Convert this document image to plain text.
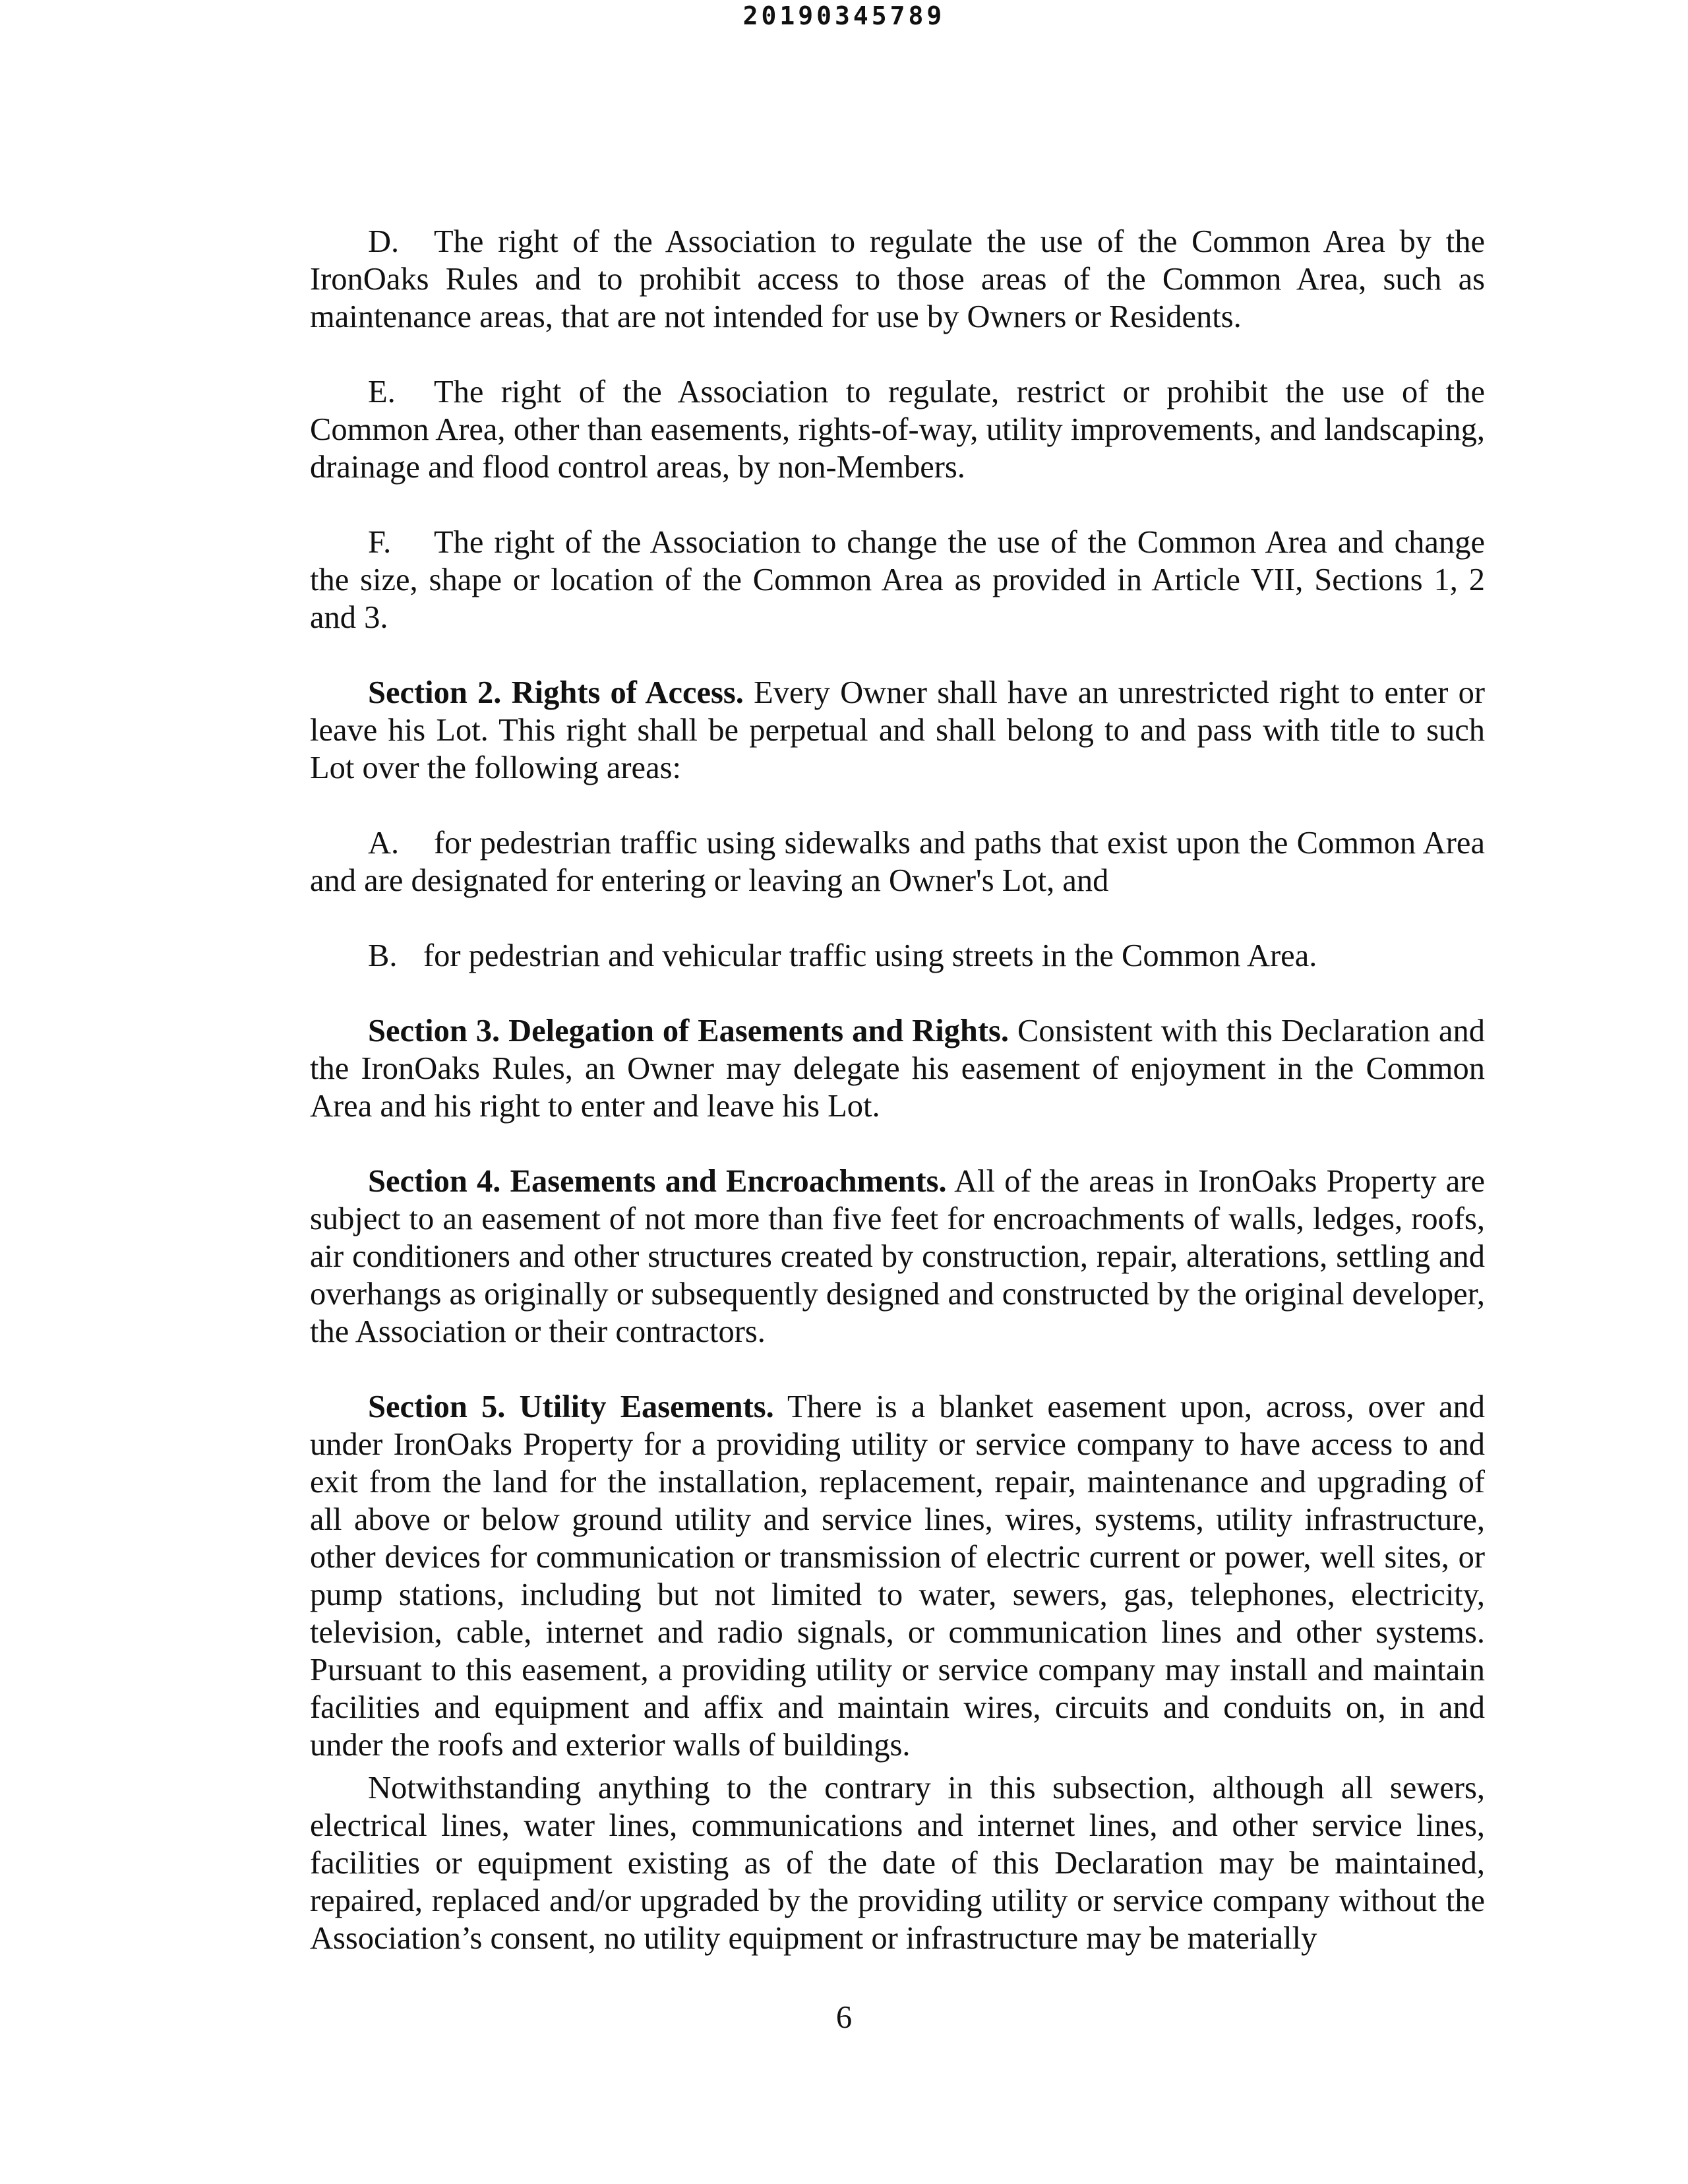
20190345789

D. The right of the Association to regulate the use of the Common Area by the IronOaks Rules and to prohibit access to those areas of the Common Area, such as maintenance areas, that are not intended for use by Owners or Residents.

E. The right of the Association to regulate, restrict or prohibit the use of the Common Area, other than easements, rights-of-way, utility improvements, and landscaping, drainage and flood control areas, by non-Members.

F. The right of the Association to change the use of the Common Area and change the size, shape or location of the Common Area as provided in Article VII, Sections 1, 2 and 3.

Section 2. Rights of Access. Every Owner shall have an unrestricted right to enter or leave his Lot. This right shall be perpetual and shall belong to and pass with title to such Lot over the following areas:

A. for pedestrian traffic using sidewalks and paths that exist upon the Common Area and are designated for entering or leaving an Owner's Lot, and

B. for pedestrian and vehicular traffic using streets in the Common Area.

Section 3. Delegation of Easements and Rights. Consistent with this Declaration and the IronOaks Rules, an Owner may delegate his easement of enjoyment in the Common Area and his right to enter and leave his Lot.

Section 4. Easements and Encroachments. All of the areas in IronOaks Property are subject to an easement of not more than five feet for encroachments of walls, ledges, roofs, air conditioners and other structures created by construction, repair, alterations, settling and overhangs as originally or subsequently designed and constructed by the original developer, the Association or their contractors.

Section 5. Utility Easements. There is a blanket easement upon, across, over and under IronOaks Property for a providing utility or service company to have access to and exit from the land for the installation, replacement, repair, maintenance and upgrading of all above or below ground utility and service lines, wires, systems, utility infrastructure, other devices for communication or transmission of electric current or power, well sites, or pump stations, including but not limited to water, sewers, gas, telephones, electricity, television, cable, internet and radio signals, or communication lines and other systems. Pursuant to this easement, a providing utility or service company may install and maintain facilities and equipment and affix and maintain wires, circuits and conduits on, in and under the roofs and exterior walls of buildings.

Notwithstanding anything to the contrary in this subsection, although all sewers, electrical lines, water lines, communications and internet lines, and other service lines, facilities or equipment existing as of the date of this Declaration may be maintained, repaired, replaced and/or upgraded by the providing utility or service company without the Association’s consent, no utility equipment or infrastructure may be materially

6
